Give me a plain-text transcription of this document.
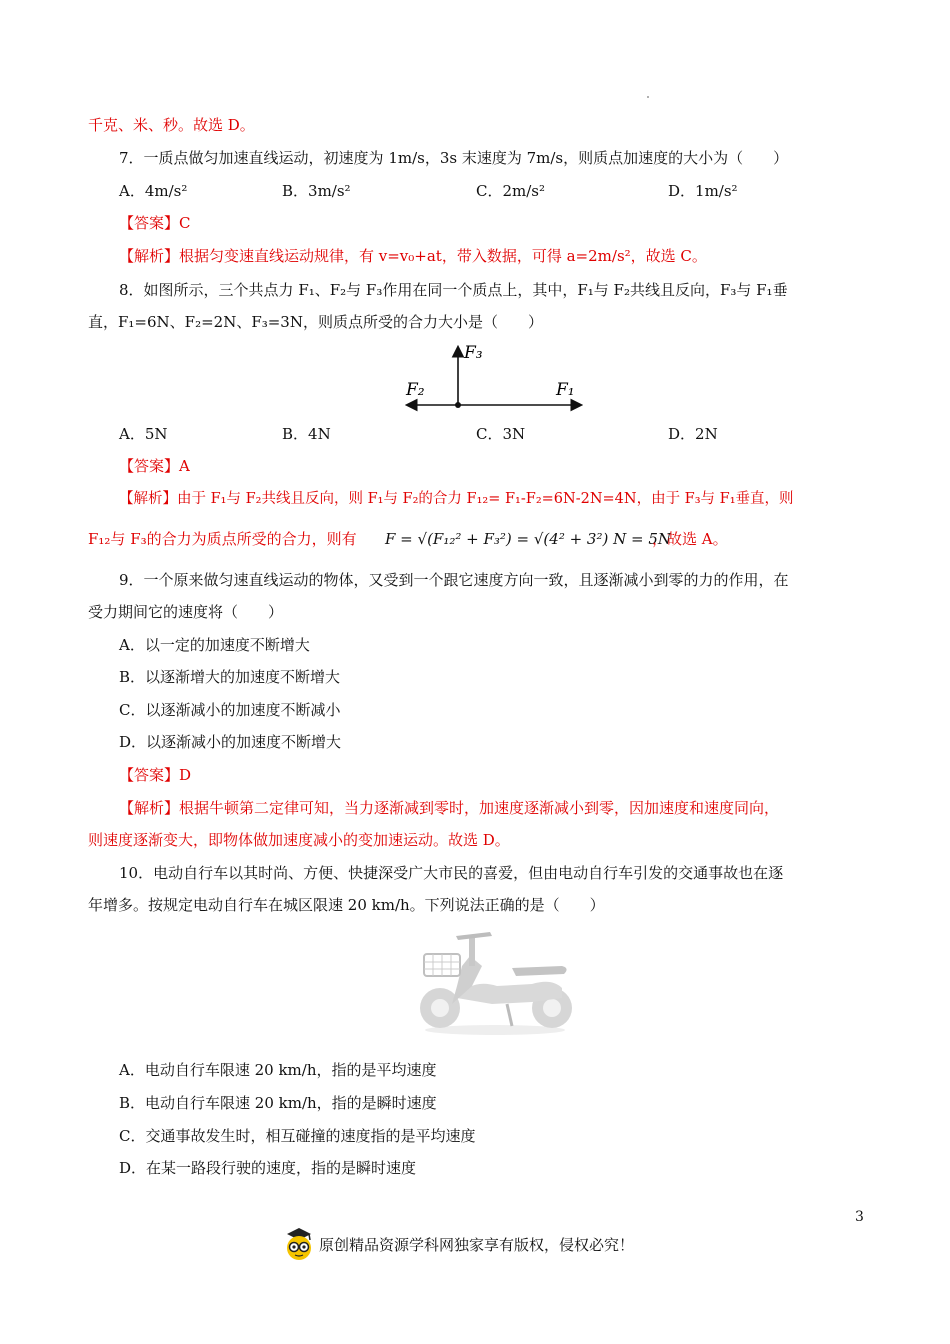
千克、米、秒。故选 D。
7．一质点做匀加速直线运动，初速度为 1m/s，3s 末速度为 7m/s，则质点加速度的大小为（　　）
A．4m/s²	B．3m/s²	C．2m/s²	D．1m/s²
【答案】C
【解析】根据匀变速直线运动规律，有 v=v₀+at，带入数据，可得 a=2m/s²，故选 C。
8．如图所示，三个共点力 F₁、F₂与 F₃作用在同一个质点上，其中，F₁与 F₂共线且反向，F₃与 F₁垂
直，F₁=6N、F₂=2N、F₃=3N，则质点所受的合力大小是（　　）
F₃
F₂	F₁
A．5N	B．4N	C．3N	D．2N
【答案】A
【解析】由于 F₁与 F₂共线且反向，则 F₁与 F₂的合力 F₁₂= F₁-F₂=6N-2N=4N，由于 F₃与 F₁垂直，则
F₁₂与 F₃的合力为质点所受的合力，则有 F = √(F₁₂² + F₃²) = √(4² + 3²) N = 5N
，故选 A。
9．一个原来做匀速直线运动的物体，又受到一个跟它速度方向一致，且逐渐减小到零的力的作用，在
受力期间它的速度将（　　）
A．以一定的加速度不断增大
B．以逐渐增大的加速度不断增大
C．以逐渐减小的加速度不断减小
D．以逐渐减小的加速度不断增大
【答案】D
【解析】根据牛顿第二定律可知，当力逐渐减到零时，加速度逐渐减小到零，因加速度和速度同向，
则速度逐渐变大，即物体做加速度减小的变加速运动。故选 D。
10．电动自行车以其时尚、方便、快捷深受广大市民的喜爱，但由电动自行车引发的交通事故也在逐
年增多。按规定电动自行车在城区限速 20 km/h。下列说法正确的是（　　）
A．电动自行车限速 20 km/h，指的是平均速度
B．电动自行车限速 20 km/h，指的是瞬时速度
C．交通事故发生时，相互碰撞的速度指的是平均速度
D．在某一路段行驶的速度，指的是瞬时速度
3
原创精品资源学科网独家享有版权，侵权必究！
